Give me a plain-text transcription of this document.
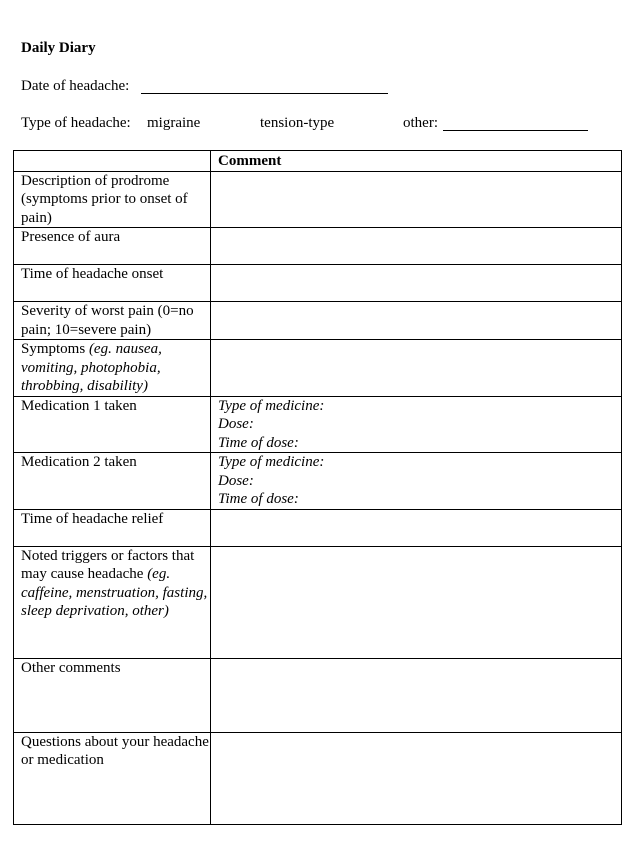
Daily Diary
Date of headache:
Type of headache: migraine	tension-type	other:
	Comment
Description of prodrome (symptoms prior to onset of pain)	
Presence of aura	
Time of headache onset	
Severity of worst pain (0=no pain; 10=severe pain)	
Symptoms (eg. nausea, vomiting, photophobia, throbbing, disability)	
Medication 1 taken	Type of medicine:
Dose:
Time of dose:

Medication 2 taken	Type of medicine:
Dose:
Time of dose:

Time of headache relief	
Noted triggers or factors that may cause headache (eg. caffeine, menstruation, fasting, sleep deprivation, other)	
Other comments	
Questions about your headache or medication	
